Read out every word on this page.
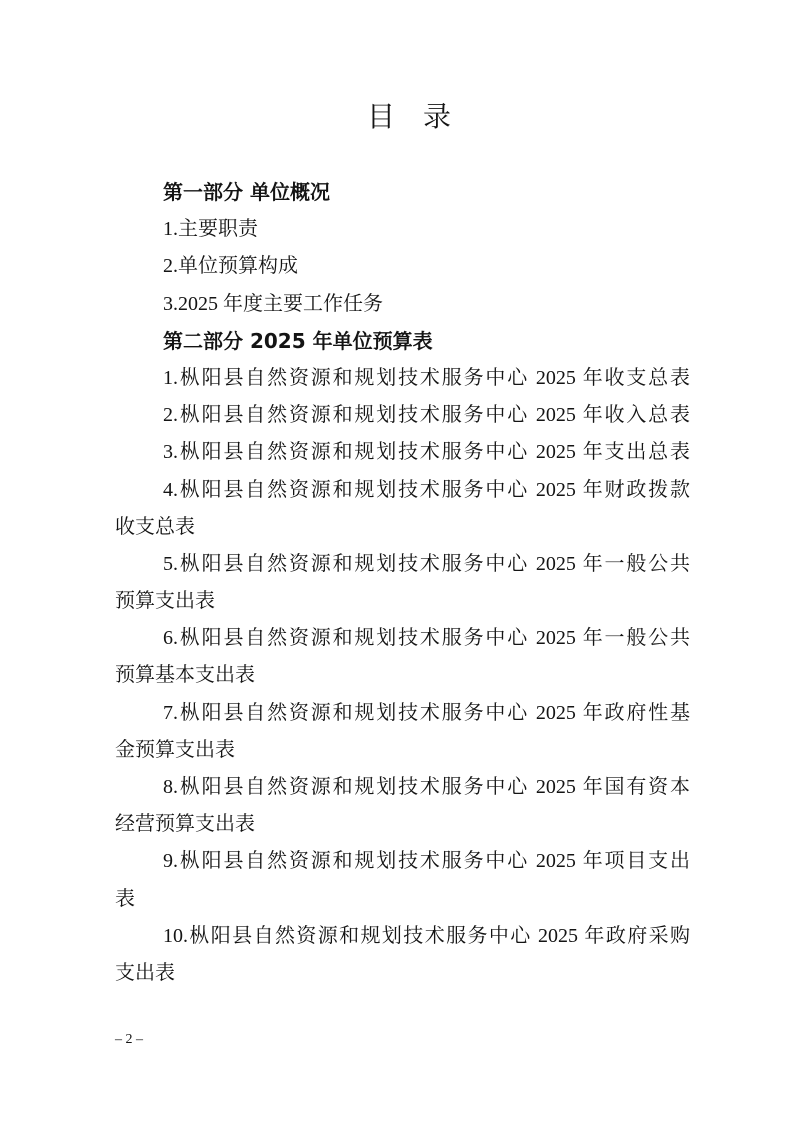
目　录
第一部分 单位概况
1.主要职责
2.单位预算构成
3.2025 年度主要工作任务
第二部分 2025 年单位预算表
1.枞阳县自然资源和规划技术服务中心 2025 年收支总表
2.枞阳县自然资源和规划技术服务中心 2025 年收入总表
3.枞阳县自然资源和规划技术服务中心 2025 年支出总表
4.枞阳县自然资源和规划技术服务中心 2025 年财政拨款
收支总表
5.枞阳县自然资源和规划技术服务中心 2025 年一般公共
预算支出表
6.枞阳县自然资源和规划技术服务中心 2025 年一般公共
预算基本支出表
7.枞阳县自然资源和规划技术服务中心 2025 年政府性基
金预算支出表
8.枞阳县自然资源和规划技术服务中心 2025 年国有资本
经营预算支出表
9.枞阳县自然资源和规划技术服务中心 2025 年项目支出
表
10.枞阳县自然资源和规划技术服务中心 2025 年政府采购
支出表
– 2 –
